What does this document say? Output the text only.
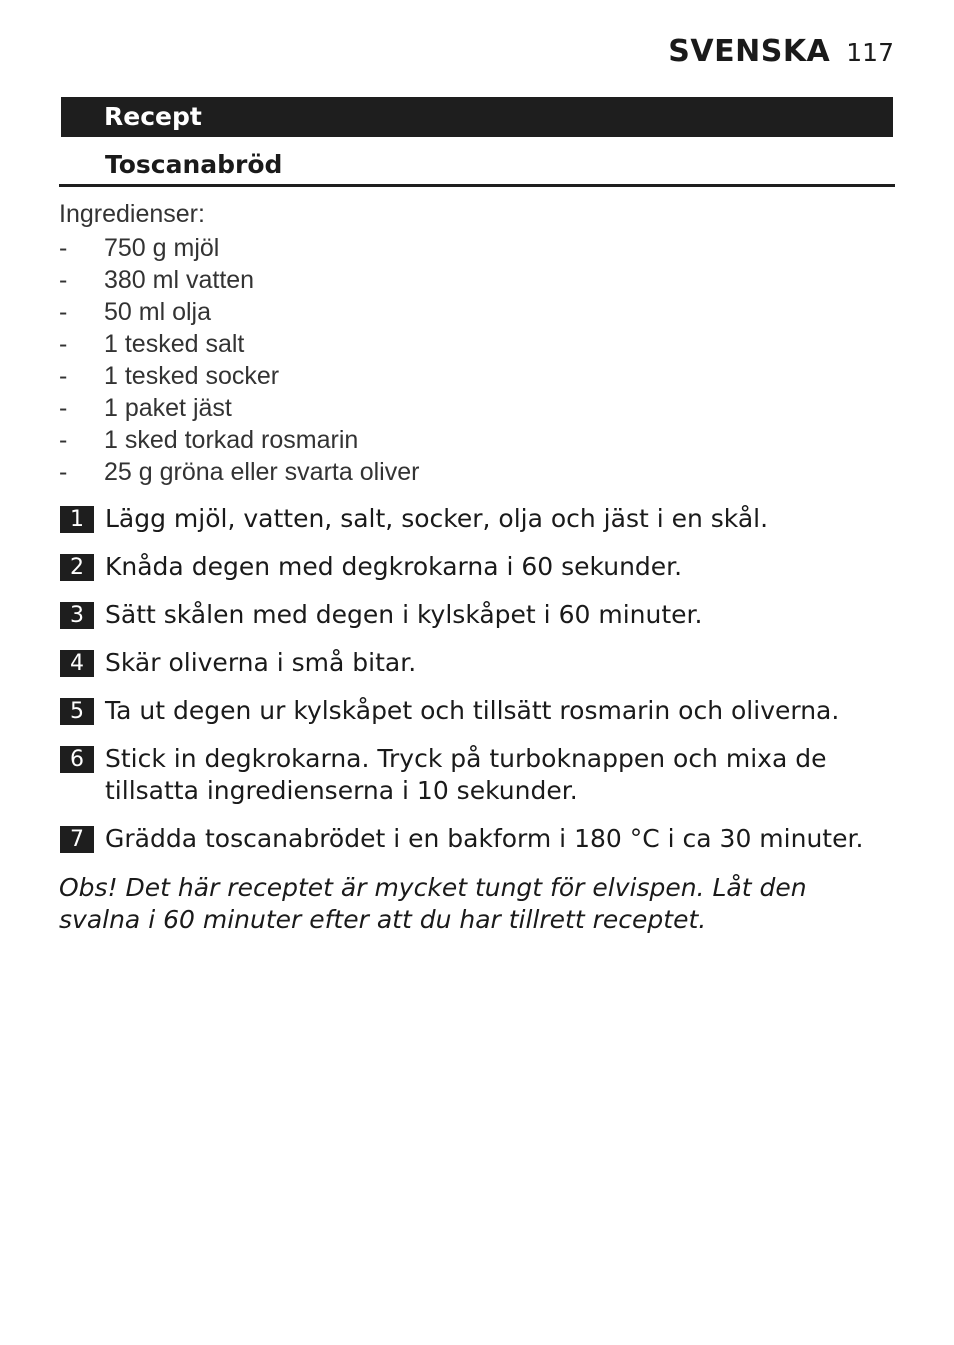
SVENSKA 117
Recept
Toscanabröd
Ingredienser:
- 750 g mjöl
- 380 ml vatten
- 50 ml olja
- 1 tesked salt
- 1 tesked socker
- 1 paket jäst
- 1 sked torkad rosmarin
- 25 g gröna eller svarta oliver
1 Lägg mjöl, vatten, salt, socker, olja och jäst i en skål.
2 Knåda degen med degkrokarna i 60 sekunder.
3 Sätt skålen med degen i kylskåpet i 60 minuter.
4 Skär oliverna i små bitar.
5 Ta ut degen ur kylskåpet och tillsätt rosmarin och oliverna.
6 Stick in degkrokarna. Tryck på turboknappen och mixa de tillsatta ingredienserna i 10 sekunder.
7 Grädda toscanabrödet i en bakform i 180 °C i ca 30 minuter.
Obs! Det här receptet är mycket tungt för elvispen. Låt den svalna i 60 minuter efter att du har tillrett receptet.
